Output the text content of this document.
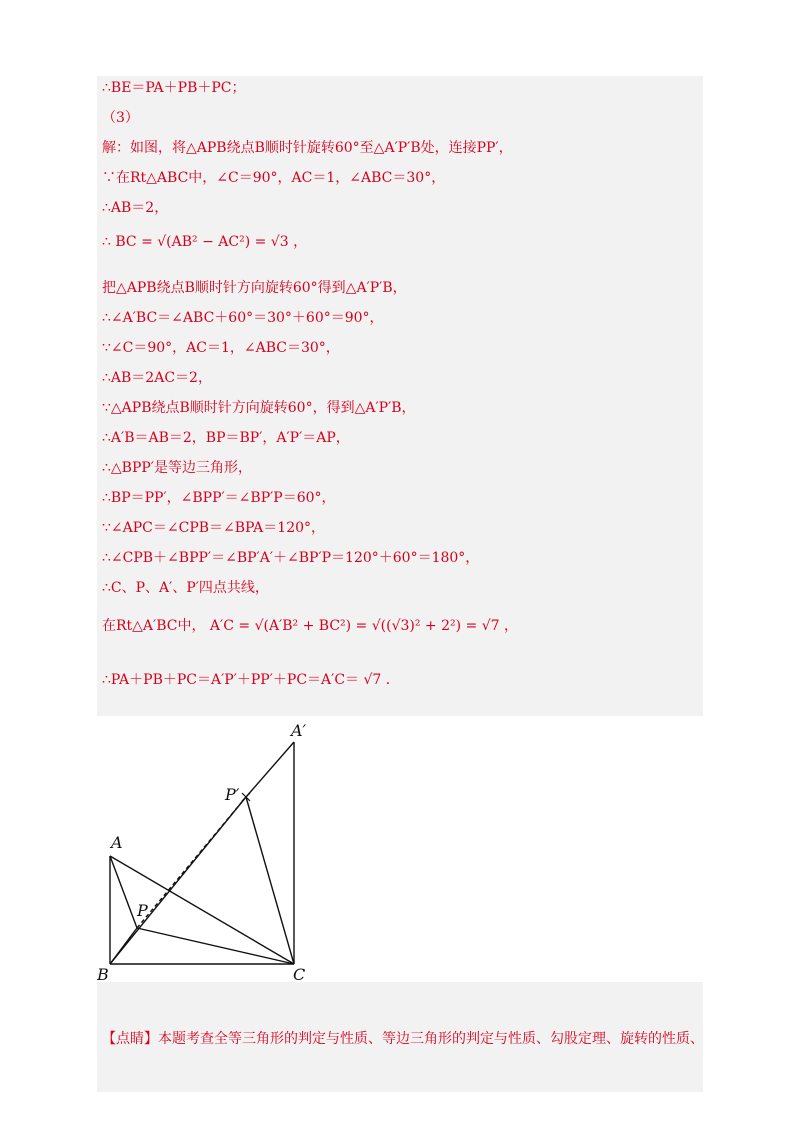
∴BE＝PA＋PB＋PC；
（3）
解：如图，将△APB绕点B顺时针旋转60°至△A′P′B处，连接PP′，
∵在Rt△ABC中，∠C＝90°，AC＝1，∠ABC＝30°，
∴AB＝2，
∴ BC = √(AB² − AC²) = √3 ，
把△APB绕点B顺时针方向旋转60°得到△A′P′B，
∴∠A′BC＝∠ABC＋60°＝30°＋60°＝90°，
∵∠C＝90°，AC＝1，∠ABC＝30°，
∴AB＝2AC＝2，
∵△APB绕点B顺时针方向旋转60°，得到△A′P′B，
∴A′B＝AB＝2，BP＝BP′，A′P′＝AP，
∴△BPP′是等边三角形，
∴BP＝PP′，∠BPP′＝∠BP′P＝60°，
∵∠APC＝∠CPB＝∠BPA＝120°，
∴∠CPB＋∠BPP′＝∠BP′A′＋∠BP′P＝120°＋60°＝180°，
∴C、P、A′、P′四点共线，
在Rt△A′BC中， A′C = √(A′B² + BC²) = √((√3)² + 2²) = √7 ，
∴PA＋PB＋PC＝A′P′＋PP′＋PC＝A′C＝ √7 ．
A′
P′
A
P
B	C
【点睛】本题考查全等三角形的判定与性质、等边三角形的判定与性质、勾股定理、旋转的性质、
